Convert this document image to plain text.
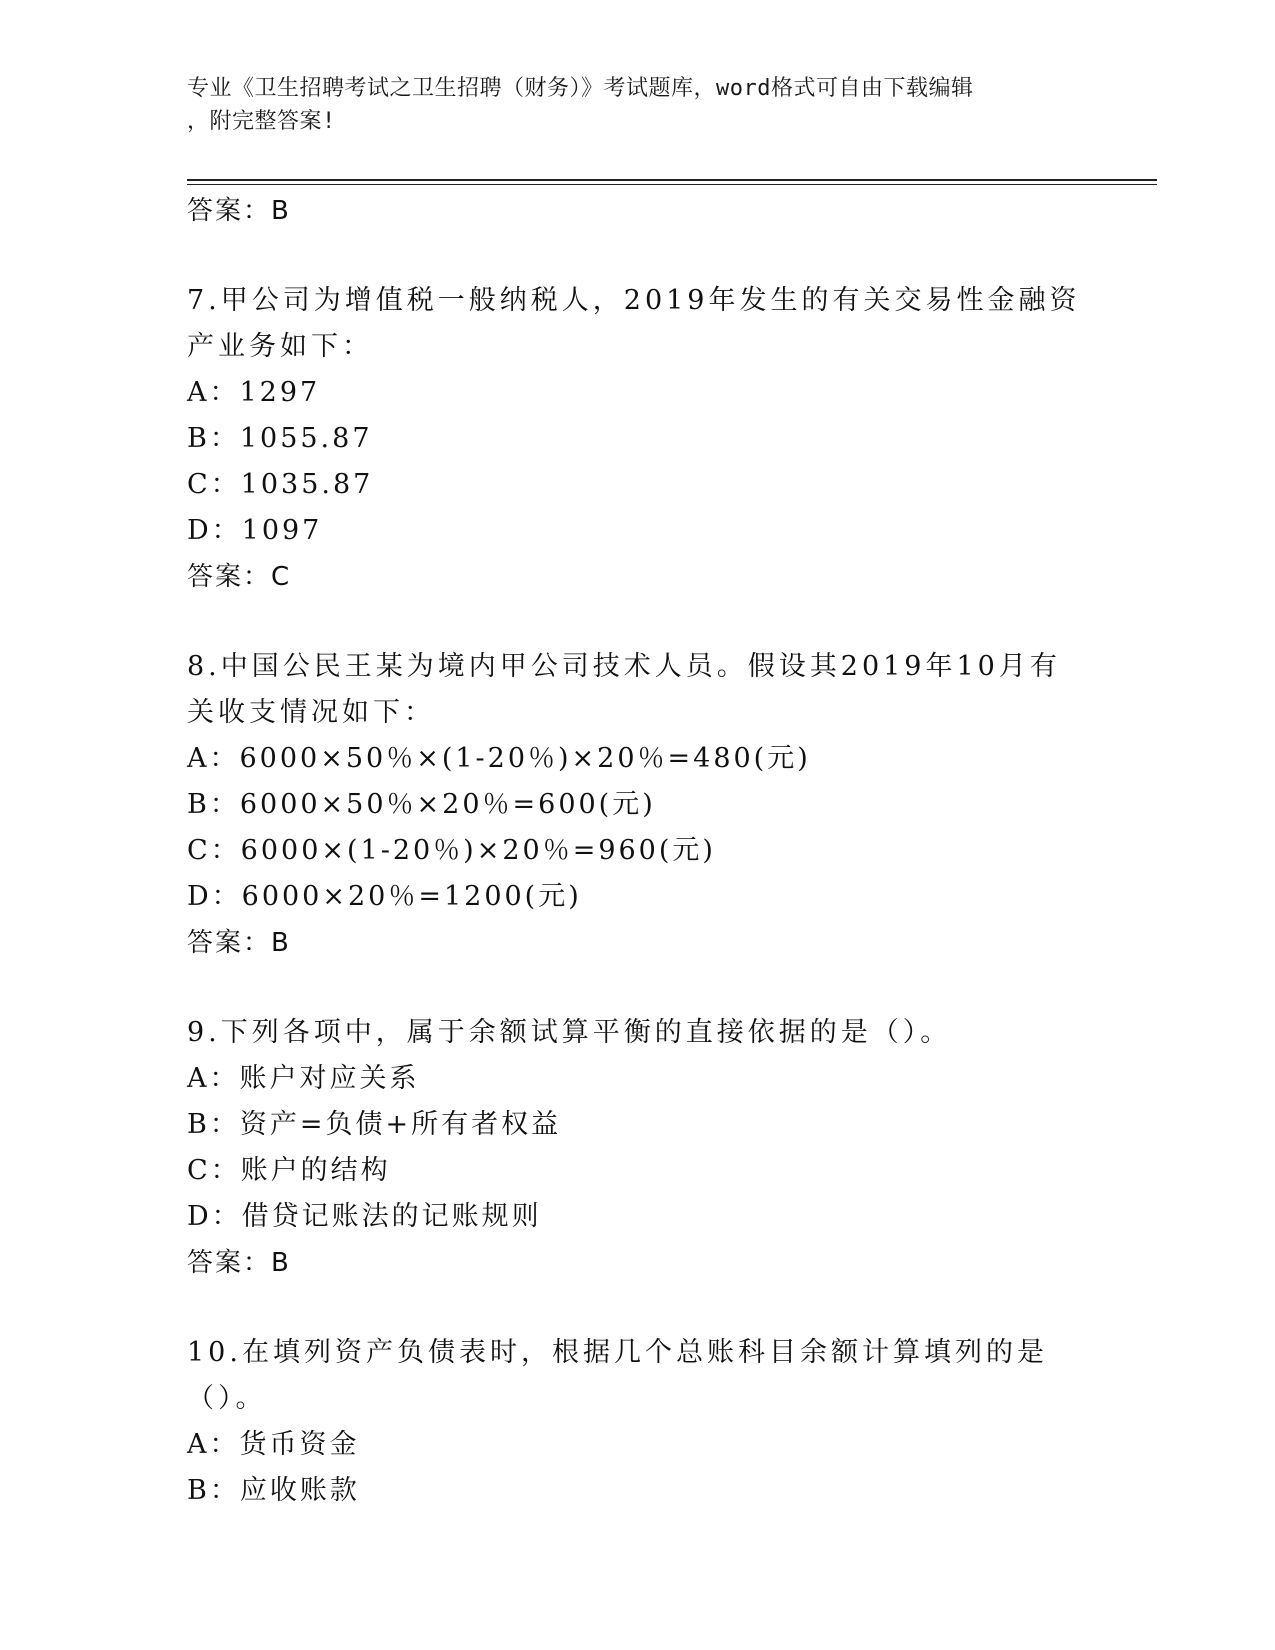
专业《卫生招聘考试之卫生招聘（财务）》考试题库，word格式可自由下载编辑
，附完整答案!
答案：B
7.甲公司为增值税一般纳税人，2019年发生的有关交易性金融资产业务如下：
A：1297
B：1055.87
C：1035.87
D：1097
答案：C
8.中国公民王某为境内甲公司技术人员。假设其2019年10月有关收支情况如下：
A：6000×50％×(1-20％)×20％=480(元)
B：6000×50％×20％=600(元)
C：6000×(1-20％)×20％=960(元)
D：6000×20％=1200(元)
答案：B
9.下列各项中，属于余额试算平衡的直接依据的是（）。
A：账户对应关系
B：资产=负债+所有者权益
C：账户的结构
D：借贷记账法的记账规则
答案：B
10.在填列资产负债表时，根据几个总账科目余额计算填列的是（）。
A：货币资金
B：应收账款
